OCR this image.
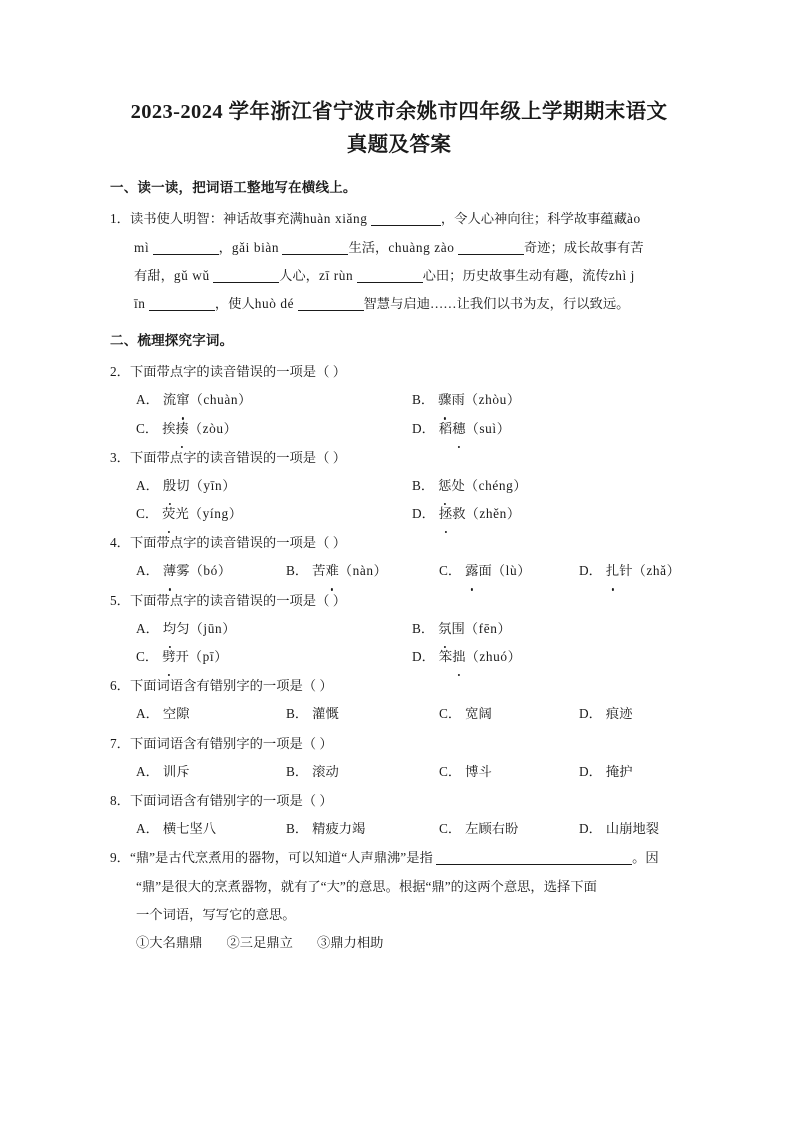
2023-2024 学年浙江省宁波市余姚市四年级上学期期末语文
真题及答案
一、读一读，把词语工整地写在横线上。
1．读书使人明智：神话故事充满huàn xiǎng	，令人心神向往；科学故事蕴藏ào
mì	，gǎi biàn	生活，chuàng zào	奇迹；成长故事有苦
有甜，gǔ wǔ	人心，zī rùn	心田；历史故事生动有趣，流传zhì j
īn	，使人huò dé	智慧与启迪……让我们以书为友，行以致远。
二、梳理探究字词。
2．下面带点字的读音错误的一项是（ ）
A． 流窜（chuàn）	B． 骤雨（zhòu）
C． 挨揍（zòu）	D． 稻穗（suì）
3．下面带点字的读音错误的一项是（ ）
A． 殷切（yīn）	B． 惩处（chéng）
C． 荧光（yíng）	D． 拯救（zhěn）
4．下面带点字的读音错误的一项是（ ）
A． 薄雾（bó）	B． 苦难（nàn）	C． 露面（lù）	D． 扎针（zhǎ）
5．下面带点字的读音错误的一项是（ ）
A． 均匀（jūn）	B． 氛围（fēn）
C． 劈开（pī）	D． 笨拙（zhuó）
6．下面词语含有错别字的一项是（ ）
A． 空隙	B． 灌慨	C． 宽阔	D． 痕迹
7．下面词语含有错别字的一项是（ ）
A． 训斥	B． 滚动	C． 博斗	D． 掩护
8．下面词语含有错别字的一项是（ ）
A． 横七坚八	B． 精疲力竭	C． 左顾右盼	D． 山崩地裂
9．“鼎”是古代烹煮用的器物，可以知道“人声鼎沸”是指	。因
“鼎”是很大的烹煮器物，就有了“大”的意思。根据“鼎”的这两个意思，选择下面
一个词语，写写它的意思。
①大名鼎鼎 ②三足鼎立 ③鼎力相助
